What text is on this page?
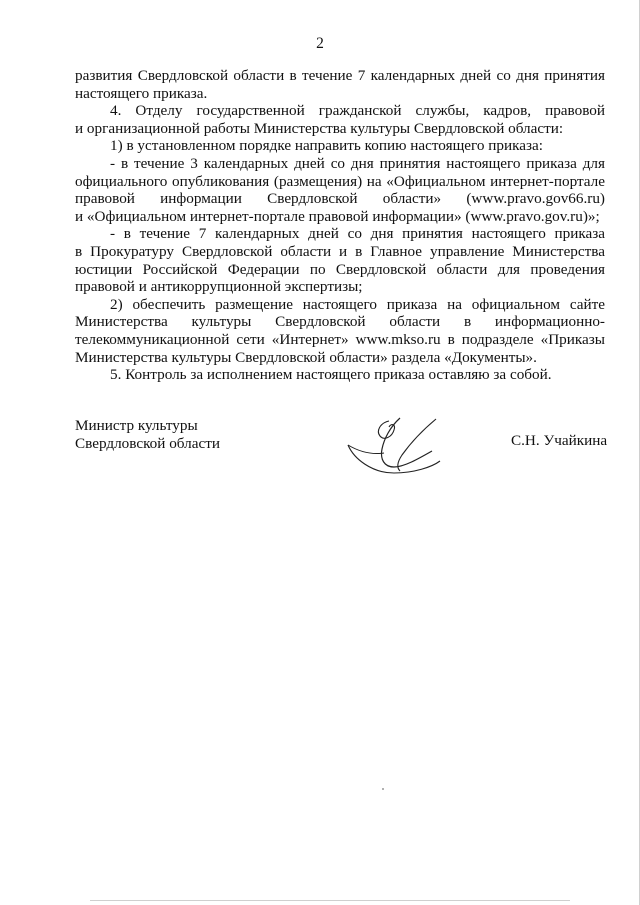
2
развития Свердловской области в течение 7 календарных дней со дня принятия
настоящего приказа.
4. Отделу государственной гражданской службы, кадров, правовой
и организационной работы Министерства культуры Свердловской области:
1) в установленном порядке направить копию настоящего приказа:
- в течение 3 календарных дней со дня принятия настоящего приказа для
официального опубликования (размещения) на «Официальном интернет-портале
правовой информации Свердловской области» (www.pravo.gov66.ru)
и «Официальном интернет-портале правовой информации» (www.pravo.gov.ru)»;
- в течение 7 календарных дней со дня принятия настоящего приказа
в Прокуратуру Свердловской области и в Главное управление Министерства
юстиции Российской Федерации по Свердловской области для проведения
правовой и антикоррупционной экспертизы;
2) обеспечить размещение настоящего приказа на официальном сайте
Министерства культуры Свердловской области в информационно-
телекоммуникационной сети «Интернет» www.mkso.ru в подразделе «Приказы
Министерства культуры Свердловской области» раздела «Документы».
5. Контроль за исполнением настоящего приказа оставляю за собой.
Министр культуры
Свердловской области	С.Н. Учайкина
